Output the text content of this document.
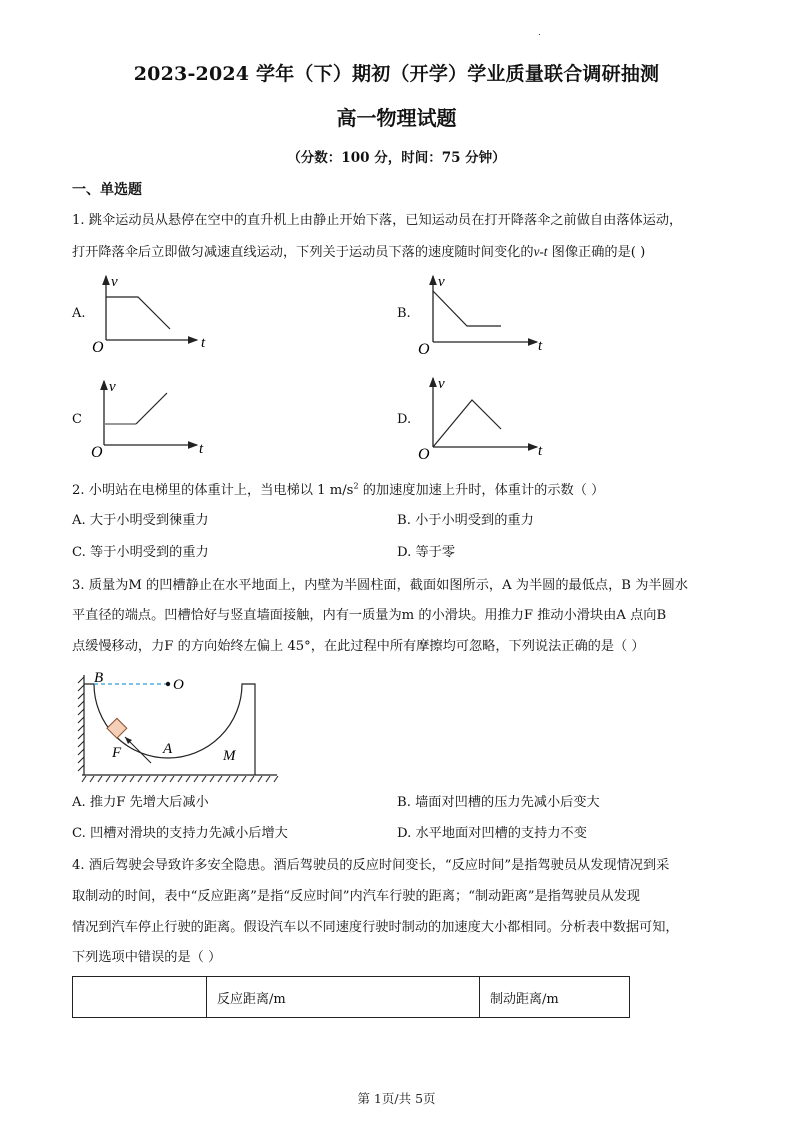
2023-2024 学年（下）期初（开学）学业质量联合调研抽测
高一物理试题
（分数：100 分，时间：75 分钟）
一、单选题
1. 跳伞运动员从悬停在空中的直升机上由静止开始下落，已知运动员在打开降落伞之前做自由落体运动，
打开降落伞后立即做匀减速直线运动，下列关于运动员下落的速度随时间变化的v-t 图像正确的是( )
A.
v
t
O
B.
v
t
O
C
v
t
O
D.
v
t
O
2. 小明站在电梯里的体重计上，当电梯以 1 $m/s^2$ 的加速度加速上升时，体重计的示数（ ）
A. 大于小明受到徚重力	B. 小于小明受到的重力
C. 等于小明受到的重力	D. 等于零
3. 质量为M 的凹槽静止在水平地面上，内壁为半圆柱面，截面如图所示，A 为半圆的最低点，B 为半圆水
平直径的端点。凹槽恰好与竖直墙面接触，内有一质量为m 的小滑块。用推力F 推动小滑块由A 点向B
点缓慢移动，力F 的方向始终左偏上 45°，在此过程中所有摩擦均可忽略，下列说法正确的是（ ）
B	O
F	A	M
A. 推力F 先增大后减小	B. 墙面对凹槽的压力先减小后变大
C. 凹槽对滑块的支持力先减小后增大	D. 水平地面对凹槽的支持力不变
4. 酒后驾驶会导致许多安全隐患。酒后驾驶员的反应时间变长，“反应时间”是指驾驶员从发现情况到采
取制动的时间，表中“反应距离”是指“反应时间”内汽车行驶的距离；“制动距离”是指驾驶员从发现
情况到汽车停止行驶的距离。假设汽车以不同速度行驶时制动的加速度大小都相同。分析表中数据可知，
下列选项中错误的是（ ）
	反应距离/m	制动距离/m
第 1页/共 5页
